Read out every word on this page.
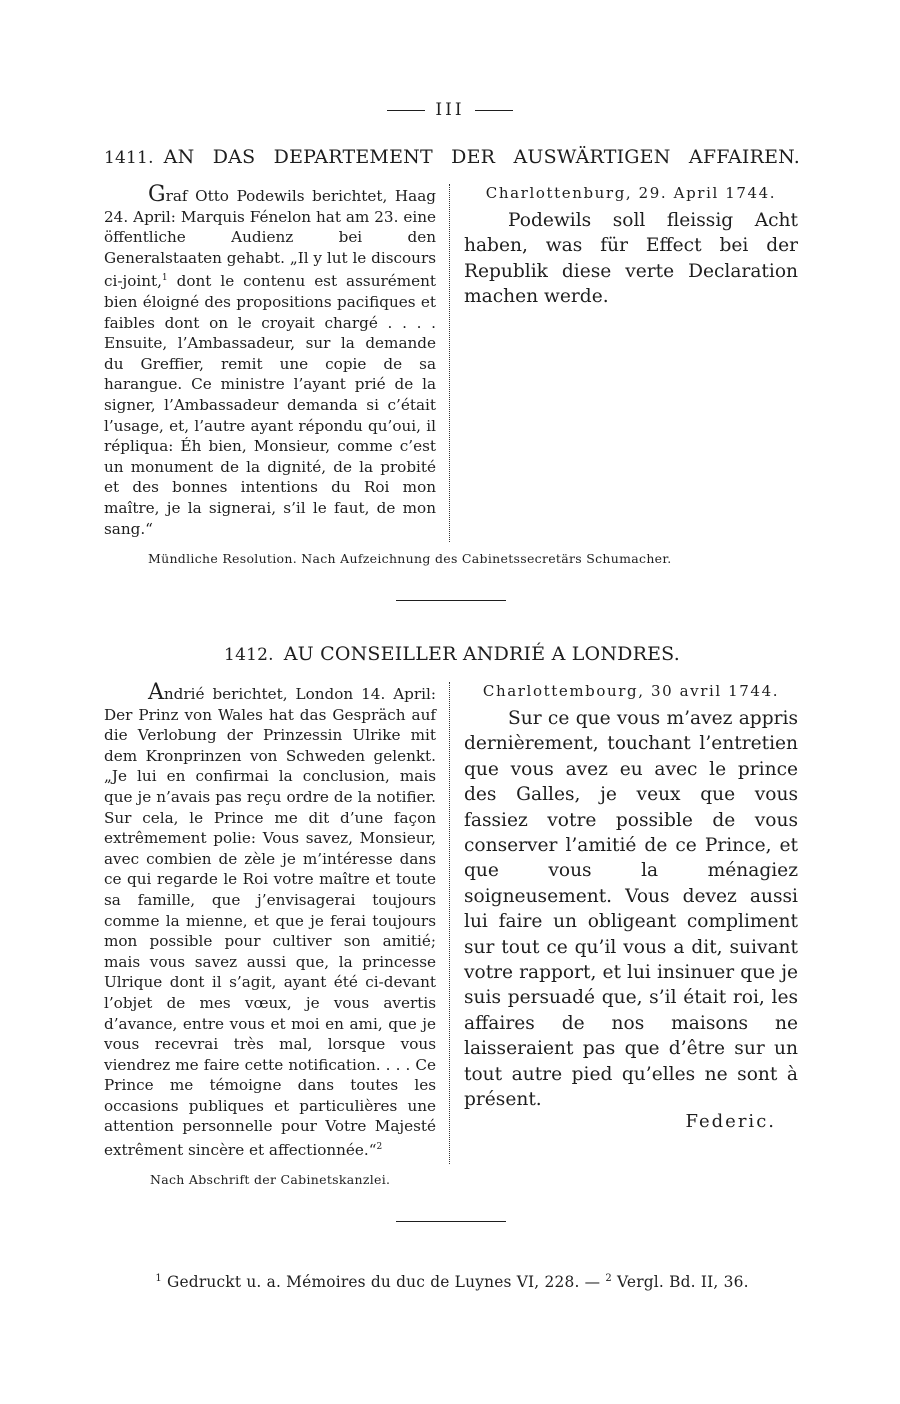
III
1411. AN DAS DEPARTEMENT DER AUSWÄRTIGEN AFFAIREN.

Graf Otto Podewils berichtet, Haag 24. April: Marquis Fénelon hat am 23. eine öffentliche Audienz bei den Generalstaaten gehabt. „Il y lut le discours ci-joint,$^1$ dont le contenu est assurément bien éloigné des propositions pacifiques et faibles dont on le croyait chargé . . . . Ensuite, l’Ambassadeur, sur la demande du Greffier, remit une copie de sa harangue. Ce ministre l’ayant prié de la signer, l’Ambassadeur demanda si c’était l’usage, et, l’autre ayant répondu qu’oui, il répliqua: Éh bien, Monsieur, comme c’est un monument de la dignité, de la probité et des bonnes intentions du Roi mon maître, je la signerai, s’il le faut, de mon sang.“

Charlottenburg, 29. April 1744.

Podewils soll fleissig Acht haben, was für Effect bei der Republik diese verte Declaration machen werde.

Mündliche Resolution. Nach Aufzeichnung des Cabinetssecretärs Schumacher.
1412. AU CONSEILLER ANDRIÉ A LONDRES.

Andrié berichtet, London 14. April: Der Prinz von Wales hat das Gespräch auf die Verlobung der Prinzessin Ulrike mit dem Kronprinzen von Schweden gelenkt. „Je lui en confirmai la conclusion, mais que je n’avais pas reçu ordre de la notifier. Sur cela, le Prince me dit d’une façon extrêmement polie: Vous savez, Monsieur, avec combien de zèle je m’intéresse dans ce qui regarde le Roi votre maître et toute sa famille, que j’envisagerai toujours comme la mienne, et que je ferai toujours mon possible pour cultiver son amitié; mais vous savez aussi que, la princesse Ulrique dont il s’agit, ayant été ci-devant l’objet de mes vœux, je vous avertis d’avance, entre vous et moi en ami, que je vous recevrai très mal, lorsque vous viendrez me faire cette notification. . . . Ce Prince me témoigne dans toutes les occasions publiques et particulières une attention personnelle pour Votre Majesté extrêment sincère et affectionnée.“$^2$

Charlottembourg, 30 avril 1744.

Sur ce que vous m’avez appris dernièrement, touchant l’entretien que vous avez eu avec le prince des Galles, je veux que vous fassiez votre possible de vous conserver l’amitié de ce Prince, et que vous la ménagiez soigneusement. Vous devez aussi lui faire un obligeant compliment sur tout ce qu’il vous a dit, suivant votre rapport, et lui insinuer que je suis persuadé que, s’il était roi, les affaires de nos maisons ne laisseraient pas que d’être sur un tout autre pied qu’elles ne sont à présent.

Federic.
Nach Abschrift der Cabinetskanzlei.
$^1$ Gedruckt u. a. Mémoires du duc de Luynes VI, 228. — $^2$ Vergl. Bd. II, 36.
